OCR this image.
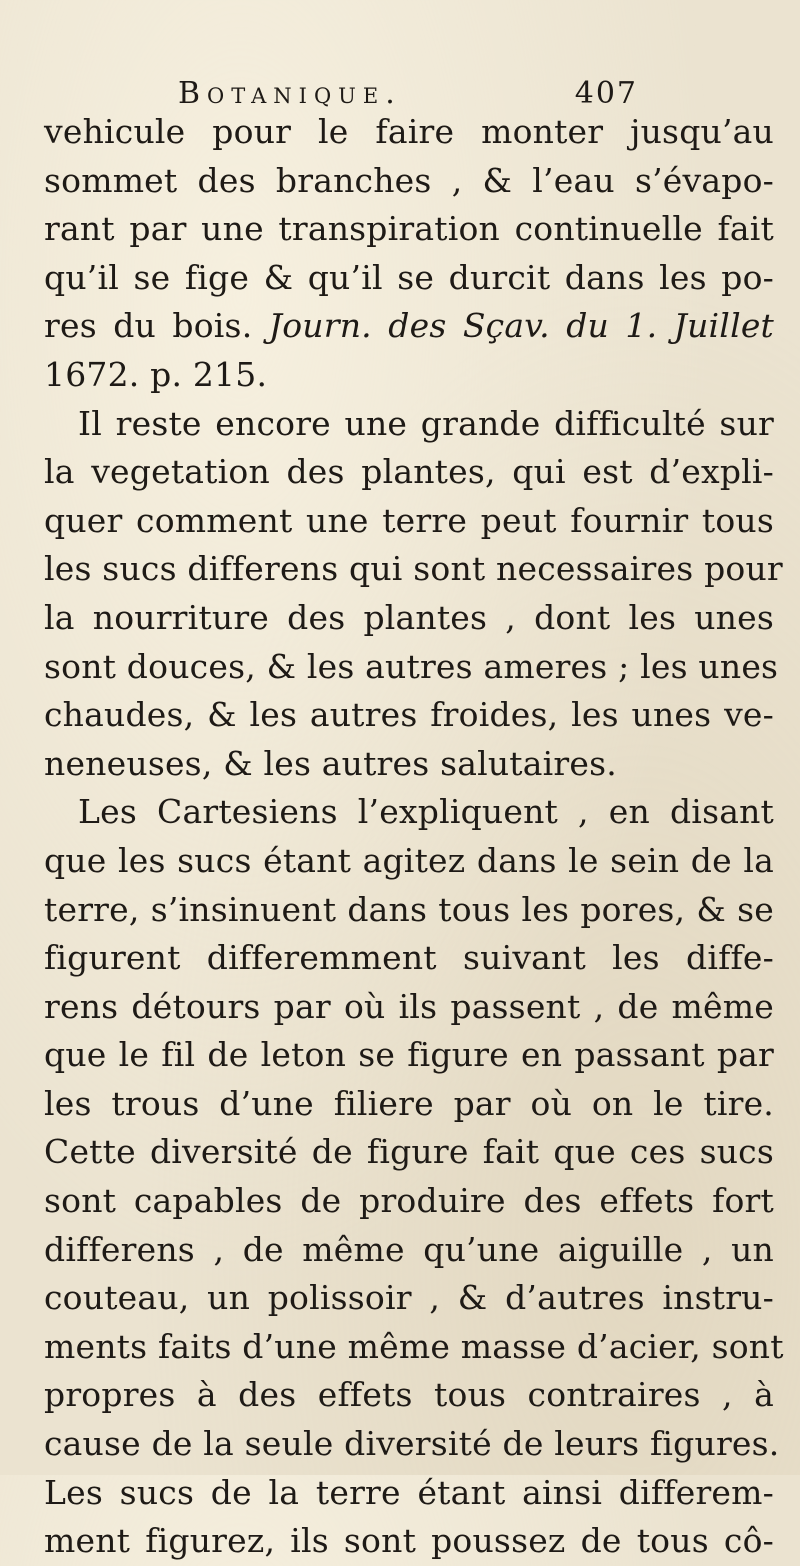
Botanique.	407
vehicule pour le faire monter jusqu’au
sommet des branches , & l’eau s’évapo-
rant par une transpiration continuelle fait
qu’il se fige & qu’il se durcit dans les po-
res du bois. Journ. des Sçav. du 1. Juillet
1672. p. 215.
Il reste encore une grande difficulté sur
la vegetation des plantes, qui est d’expli-
quer comment une terre peut fournir tous
les sucs differens qui sont necessaires pour
la nourriture des plantes , dont les unes
sont douces, & les autres ameres ; les unes
chaudes, & les autres froides, les unes ve-
neneuses, & les autres salutaires.
Les Cartesiens l’expliquent , en disant
que les sucs étant agitez dans le sein de la
terre, s’insinuent dans tous les pores, & se
figurent differemment suivant les diffe-
rens détours par où ils passent , de même
que le fil de leton se figure en passant par
les trous d’une filiere par où on le tire.
Cette diversité de figure fait que ces sucs
sont capables de produire des effets fort
differens , de même qu’une aiguille , un
couteau, un polissoir , & d’autres instru-
ments faits d’une même masse d’acier, sont
propres à des effets tous contraires , à
cause de la seule diversité de leurs figures.
Les sucs de la terre étant ainsi differem-
ment figurez, ils sont poussez de tous cô-
